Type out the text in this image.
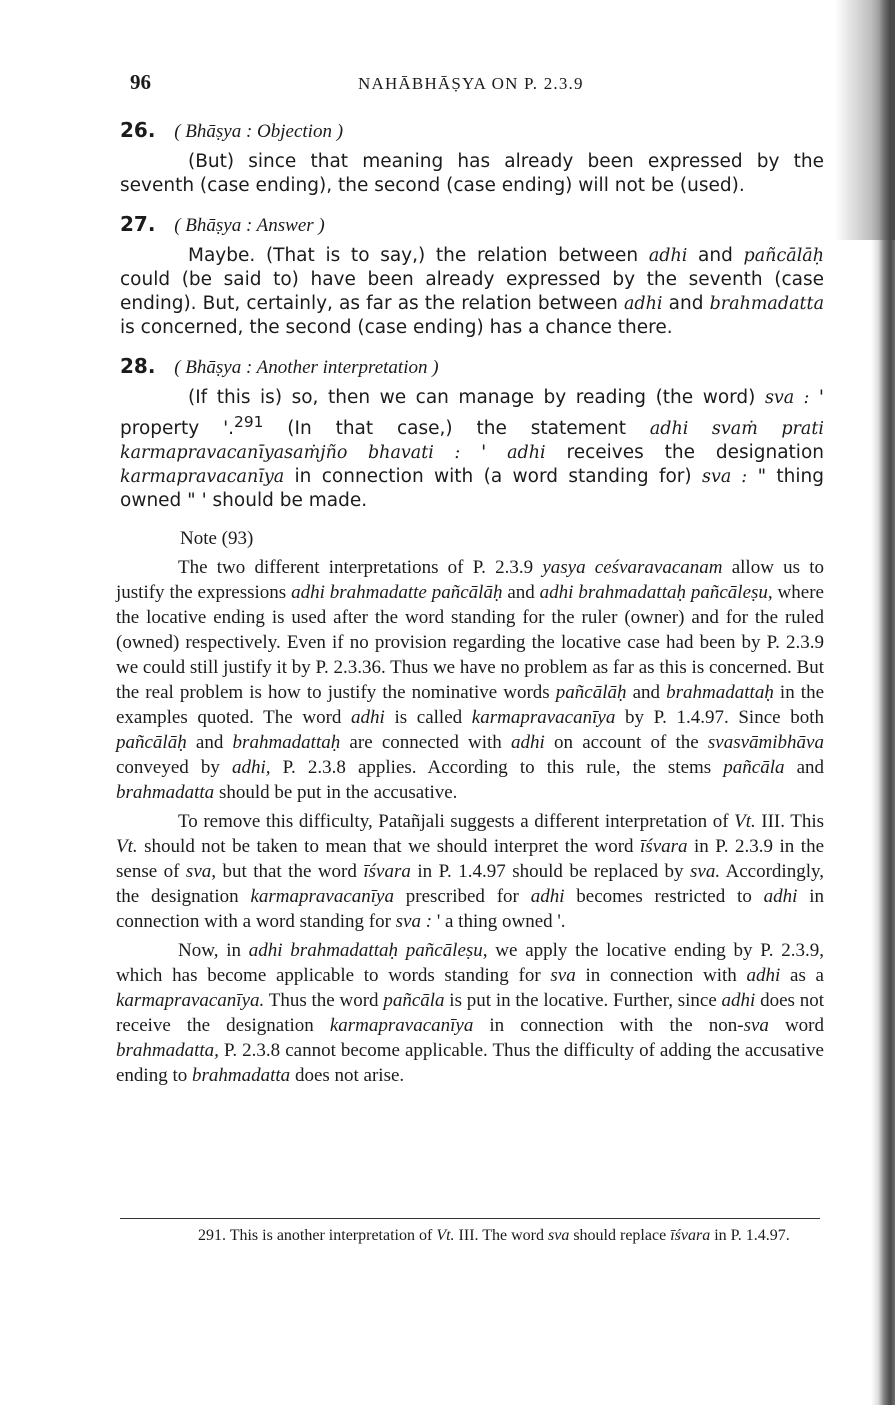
96	NAHĀBHĀṢYA ON P. 2.3.9
26. ( Bhāṣya : Objection )

(But) since that meaning has already been expressed by the seventh (case ending), the second (case ending) will not be (used).

27. ( Bhāṣya : Answer )

Maybe. (That is to say,) the relation between adhi and pañcālāḥ could (be said to) have been already expressed by the seventh (case ending). But, certainly, as far as the relation between adhi and brahmadatta is concerned, the second (case ending) has a chance there.

28. ( Bhāṣya : Another interpretation )

(If this is) so, then we can manage by reading (the word) sva : ' property '.$^{291}$ (In that case,) the statement adhi svaṁ prati karmapravacanīyasaṁjño bhavati : ' adhi receives the designation karmapravacanīya in connection with (a word standing for) sva : " thing owned " ' should be made.

Note (93)

The two different interpretations of P. 2.3.9 yasya ceśvaravacanam allow us to justify the expressions adhi brahmadatte pañcālāḥ and adhi brahmadattaḥ pañcāleṣu, where the locative ending is used after the word standing for the ruler (owner) and for the ruled (owned) respectively. Even if no provision regarding the locative case had been by P. 2.3.9 we could still justify it by P. 2.3.36. Thus we have no problem as far as this is concerned. But the real problem is how to justify the nominative words pañcālāḥ and brahmadattaḥ in the examples quoted. The word adhi is called karmapravacanīya by P. 1.4.97. Since both pañcālāḥ and brahmadattaḥ are connected with adhi on account of the svasvāmibhāva conveyed by adhi, P. 2.3.8 applies. According to this rule, the stems pañcāla and brahmadatta should be put in the accusative.

To remove this difficulty, Patañjali suggests a different interpretation of Vt. III. This Vt. should not be taken to mean that we should interpret the word īśvara in P. 2.3.9 in the sense of sva, but that the word īśvara in P. 1.4.97 should be replaced by sva. Accordingly, the designation karmapravacanīya prescribed for adhi becomes restricted to adhi in connection with a word standing for sva : ' a thing owned '.

Now, in adhi brahmadattaḥ pañcāleṣu, we apply the locative ending by P. 2.3.9, which has become applicable to words standing for sva in connection with adhi as a karmapravacanīya. Thus the word pañcāla is put in the locative. Further, since adhi does not receive the designation karmapravacanīya in connection with the non-sva word brahmadatta, P. 2.3.8 cannot become applicable. Thus the difficulty of adding the accusative ending to brahmadatta does not arise.

291. This is another interpretation of Vt. III. The word sva should replace īśvara in P. 1.4.97.
